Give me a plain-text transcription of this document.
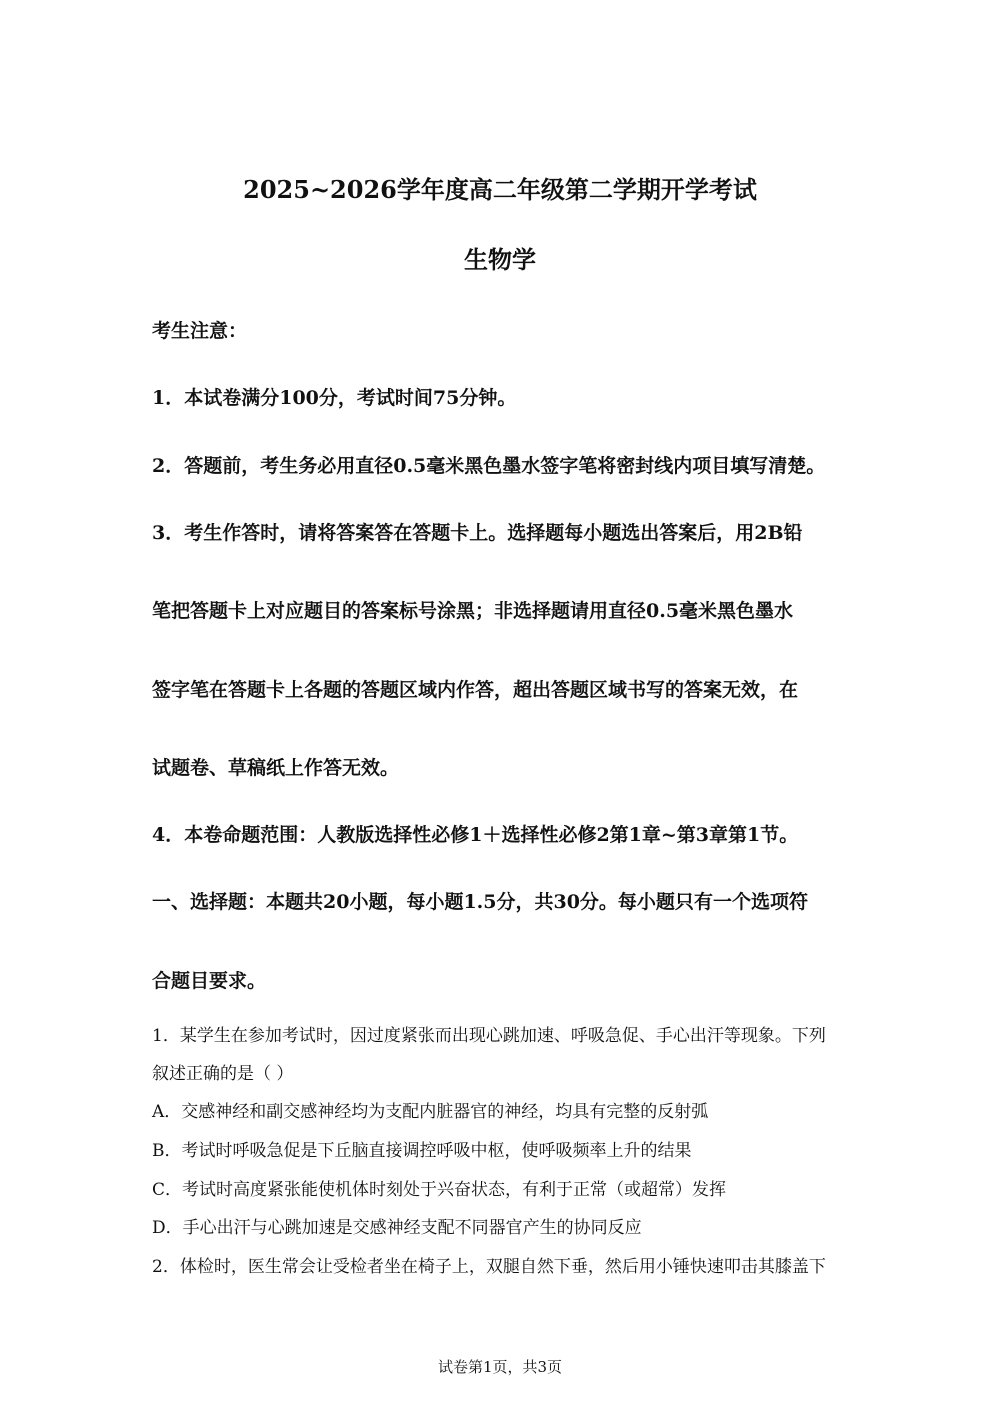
2025~2026学年度高二年级第二学期开学考试
生物学
考生注意：
1．本试卷满分100分，考试时间75分钟。
2．答题前，考生务必用直径0.5毫米黑色墨水签字笔将密封线内项目填写清楚。
3．考生作答时，请将答案答在答题卡上。选择题每小题选出答案后，用2B铅
笔把答题卡上对应题目的答案标号涂黑；非选择题请用直径0.5毫米黑色墨水
签字笔在答题卡上各题的答题区域内作答，超出答题区域书写的答案无效，在
试题卷、草稿纸上作答无效。
4．本卷命题范围：人教版选择性必修1＋选择性必修2第1章~第3章第1节。
一、选择题：本题共20小题，每小题1.5分，共30分。每小题只有一个选项符
合题目要求。
1．某学生在参加考试时，因过度紧张而出现心跳加速、呼吸急促、手心出汗等现象。下列
叙述正确的是（ ）
A．交感神经和副交感神经均为支配内脏器官的神经，均具有完整的反射弧
B．考试时呼吸急促是下丘脑直接调控呼吸中枢，使呼吸频率上升的结果
C．考试时高度紧张能使机体时刻处于兴奋状态，有利于正常（或超常）发挥
D．手心出汗与心跳加速是交感神经支配不同器官产生的协同反应
2．体检时，医生常会让受检者坐在椅子上，双腿自然下垂，然后用小锤快速叩击其膝盖下
试卷第1页，共3页
